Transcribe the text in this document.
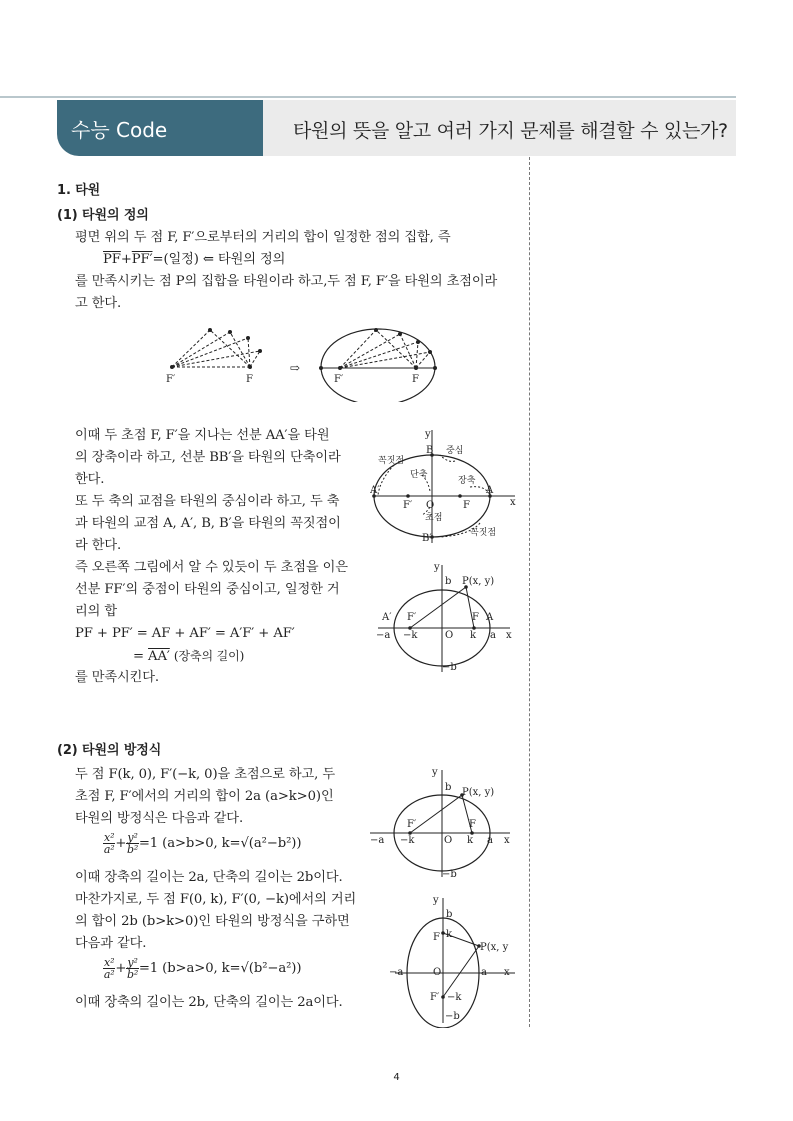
수능 Code	타원의 뜻을 알고 여러 가지 문제를 해결할 수 있는가?
1. 타원
(1) 타원의 정의
평면 위의 두 점 F, F′으로부터의 거리의 합이 일정한 점의 집합, 즉
$\overline{PF}+PF'=$(일정) ⇐ 타원의 정의
를 만족시키는 점 P의 집합을 타원이라 하고,두 점 F, F′을 타원의 초점이라
고 한다.
F′	F
⇨
F′	F
이때 두 초점 F, F′을 지나는 선분 AA′을 타원
의 장축이라 하고, 선분 BB′을 타원의 단축이라
한다.
또 두 축의 교점을 타원의 중심이라 하고, 두 축
과 타원의 교점 A, A′, B, B′을 타원의 꼭짓점이
라 한다.
즉 오른쪽 그림에서 알 수 있듯이 두 초점을 이은
선분 FF′의 중점이 타원의 중심이고, 일정한 거
리의 합
PF + PF′ = AF + AF′ = A′F′ + AF′
= AA′ (장축의 길이)
를 만족시킨다.
y
꼭짓점
B 중심
단축
장축
A′	A
F′ O	F	x
초점
꼭짓점
B′
y
b P(x, y)
A′ F′	F A
−a −k	O k a x
−b
(2) 타원의 방정식
두 점 F(k, 0), F′(−k, 0)을 초점으로 하고, 두
초점 F, F′에서의 거리의 합이 2a (a>k>0)인
타원의 방정식은 다음과 같다.
$\frac{\text{x²}}{\text{a²}} + \frac{\text{y²}}{\text{b²}} =1$ (a>b>0, k=√(a²−b²))
이때 장축의 길이는 2a, 단축의 길이는 2b이다.
마찬가지로, 두 점 F(0, k), F′(0, −k)에서의 거리
의 합이 2b (b>k>0)인 타원의 방정식을 구하면
다음과 같다.
$\frac{\text{x²}}{\text{a²}} + \frac{\text{y²}}{\text{b²}} =1$ (b>a>0, k=√(b²−a²))
이때 장축의 길이는 2b, 단축의 길이는 2a이다.
y
b P(x, y)
F′	F
−a −k	O k a x
−b
y
b
F k
P(x, y
−a	O	a x
F′ −k
−b
4
